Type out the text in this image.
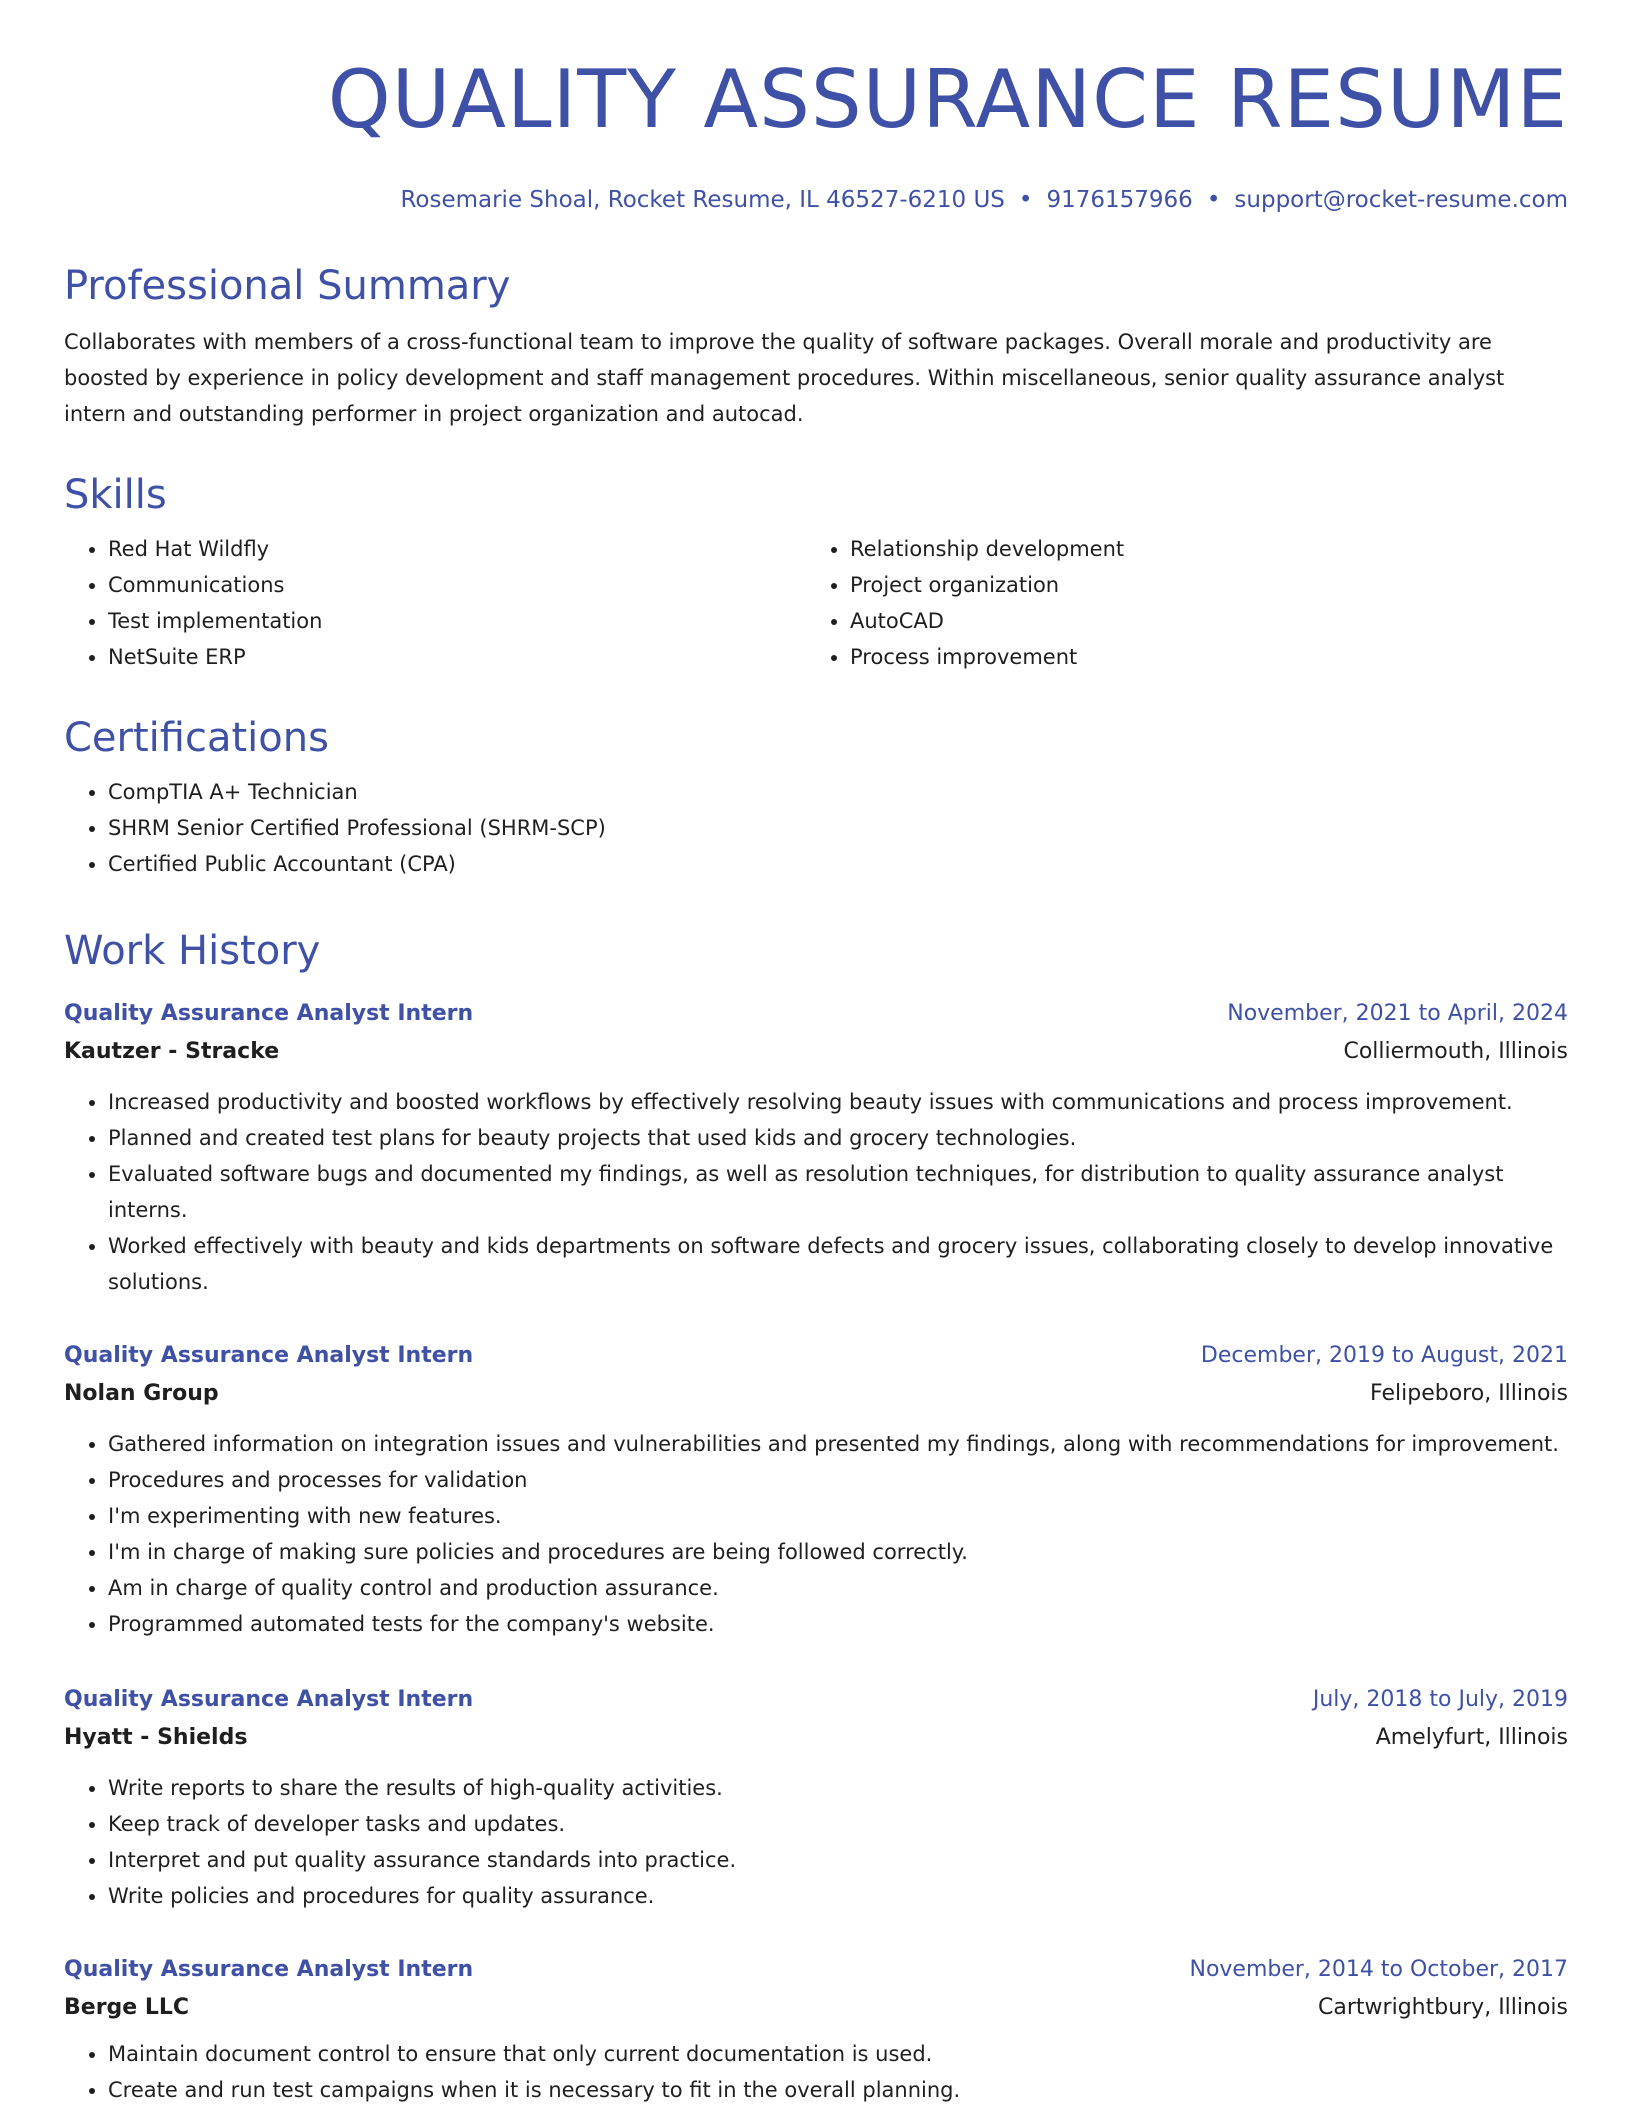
QUALITY ASSURANCE RESUME
Rosemarie Shoal, Rocket Resume, IL 46527-6210 US • 9176157966 • support@rocket-resume.com
Professional Summary

Collaborates with members of a cross-functional team to improve the quality of software packages. Overall morale and productivity are boosted by experience in policy development and staff management procedures. Within miscellaneous, senior quality assurance analyst intern and outstanding performer in project organization and autocad.

Skills
• Red Hat Wildfly
• Communications
• Test implementation
• NetSuite ERP
• Relationship development
• Project organization
• AutoCAD
• Process improvement
Certifications
• CompTIA A+ Technician
• SHRM Senior Certified Professional (SHRM-SCP)
• Certified Public Accountant (CPA)
Work History
Quality Assurance Analyst Intern	November, 2021 to April, 2024
Kautzer - Stracke	Colliermouth, Illinois
• Increased productivity and boosted workflows by effectively resolving beauty issues with communications and process improvement.
• Planned and created test plans for beauty projects that used kids and grocery technologies.
• Evaluated software bugs and documented my findings, as well as resolution techniques, for distribution to quality assurance analyst interns.
• Worked effectively with beauty and kids departments on software defects and grocery issues, collaborating closely to develop innovative solutions.
Quality Assurance Analyst Intern	December, 2019 to August, 2021
Nolan Group	Felipeboro, Illinois
• Gathered information on integration issues and vulnerabilities and presented my findings, along with recommendations for improvement.
• Procedures and processes for validation
• I'm experimenting with new features.
• I'm in charge of making sure policies and procedures are being followed correctly.
• Am in charge of quality control and production assurance.
• Programmed automated tests for the company's website.
Quality Assurance Analyst Intern	July, 2018 to July, 2019
Hyatt - Shields	Amelyfurt, Illinois
• Write reports to share the results of high-quality activities.
• Keep track of developer tasks and updates.
• Interpret and put quality assurance standards into practice.
• Write policies and procedures for quality assurance.
Quality Assurance Analyst Intern	November, 2014 to October, 2017
Berge LLC	Cartwrightbury, Illinois
• Maintain document control to ensure that only current documentation is used.
• Create and run test campaigns when it is necessary to fit in the overall planning.
